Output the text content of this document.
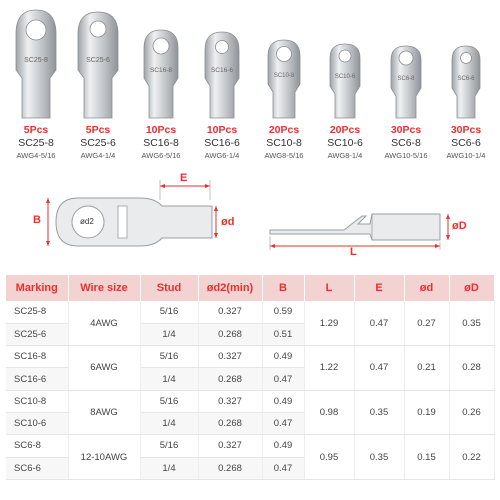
SC25-8
5Pcs
SC25-8
AWG4-5/16
SC25-6
5Pcs
SC25-6
AWG4-1/4
SC16-8
10Pcs
SC16-8
AWG6-5/16
SC16-6
10Pcs
SC16-6
AWG6-1/4
SC10-8
20Pcs
SC10-8
AWG8-5/16
SC10-6
20Pcs
SC10-6
AWG8-1/4
SC6-8
30Pcs
SC6-8
AWG10-5/16
SC6-6
30Pcs
SC6-6
AWG10-1/4
E
B	ød2	ød	øD
L
Marking	Wire size	Stud	ød2(min)	B	L	E	ød	øD
SC25-8	4AWG	5/16	0.327	0.59	1.29	0.47	0.27	0.35
SC25-6		1/4	0.268	0.51				
SC16-8	6AWG	5/16	0.327	0.49	1.22	0.47	0.21	0.28
SC16-6		1/4	0.268	0.47				
SC10-8	8AWG	5/16	0.327	0.49	0.98	0.35	0.19	0.26
SC10-6		1/4	0.268	0.47				
SC6-8	12-10AWG	5/16	0.327	0.49	0.95	0.35	0.15	0.22
SC6-6		1/4	0.268	0.47				
